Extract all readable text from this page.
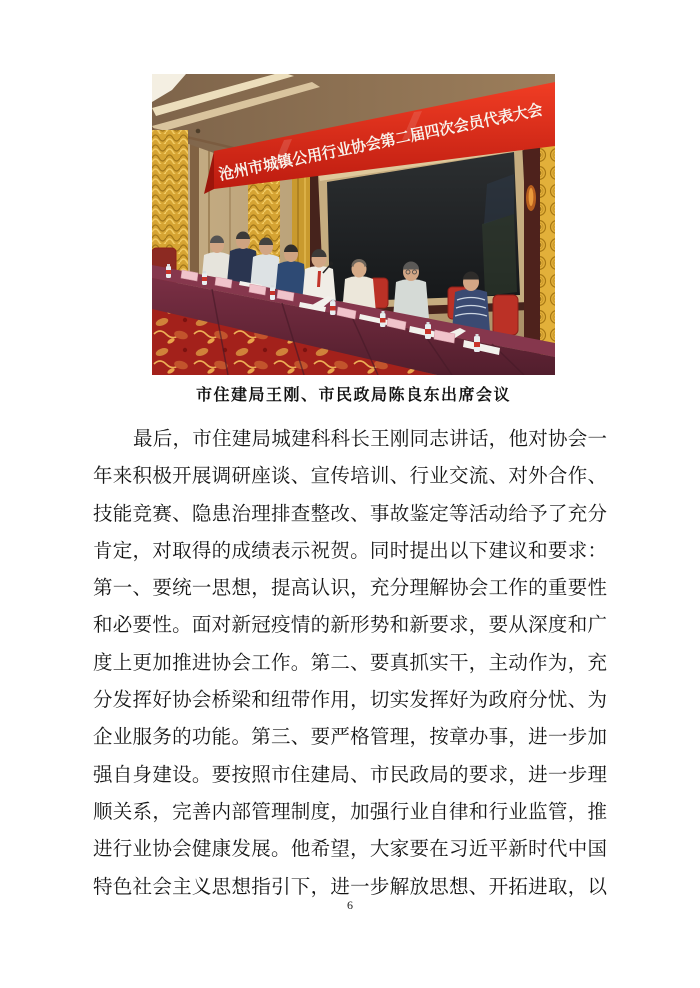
沧州市城镇公用行业协会第二届四次会员代表大会
市住建局王刚、市民政局陈良东出席会议
最后，市住建局城建科科长王刚同志讲话，他对协会一
年来积极开展调研座谈、宣传培训、行业交流、对外合作、
技能竞赛、隐患治理排查整改、事故鉴定等活动给予了充分
肯定，对取得的成绩表示祝贺。同时提出以下建议和要求：
第一、要统一思想，提高认识，充分理解协会工作的重要性
和必要性。面对新冠疫情的新形势和新要求，要从深度和广
度上更加推进协会工作。第二、要真抓实干，主动作为，充
分发挥好协会桥梁和纽带作用，切实发挥好为政府分忧、为
企业服务的功能。第三、要严格管理，按章办事，进一步加
强自身建设。要按照市住建局、市民政局的要求，进一步理
顺关系，完善内部管理制度，加强行业自律和行业监管，推
进行业协会健康发展。他希望，大家要在习近平新时代中国
特色社会主义思想指引下，进一步解放思想、开拓进取，以
6
